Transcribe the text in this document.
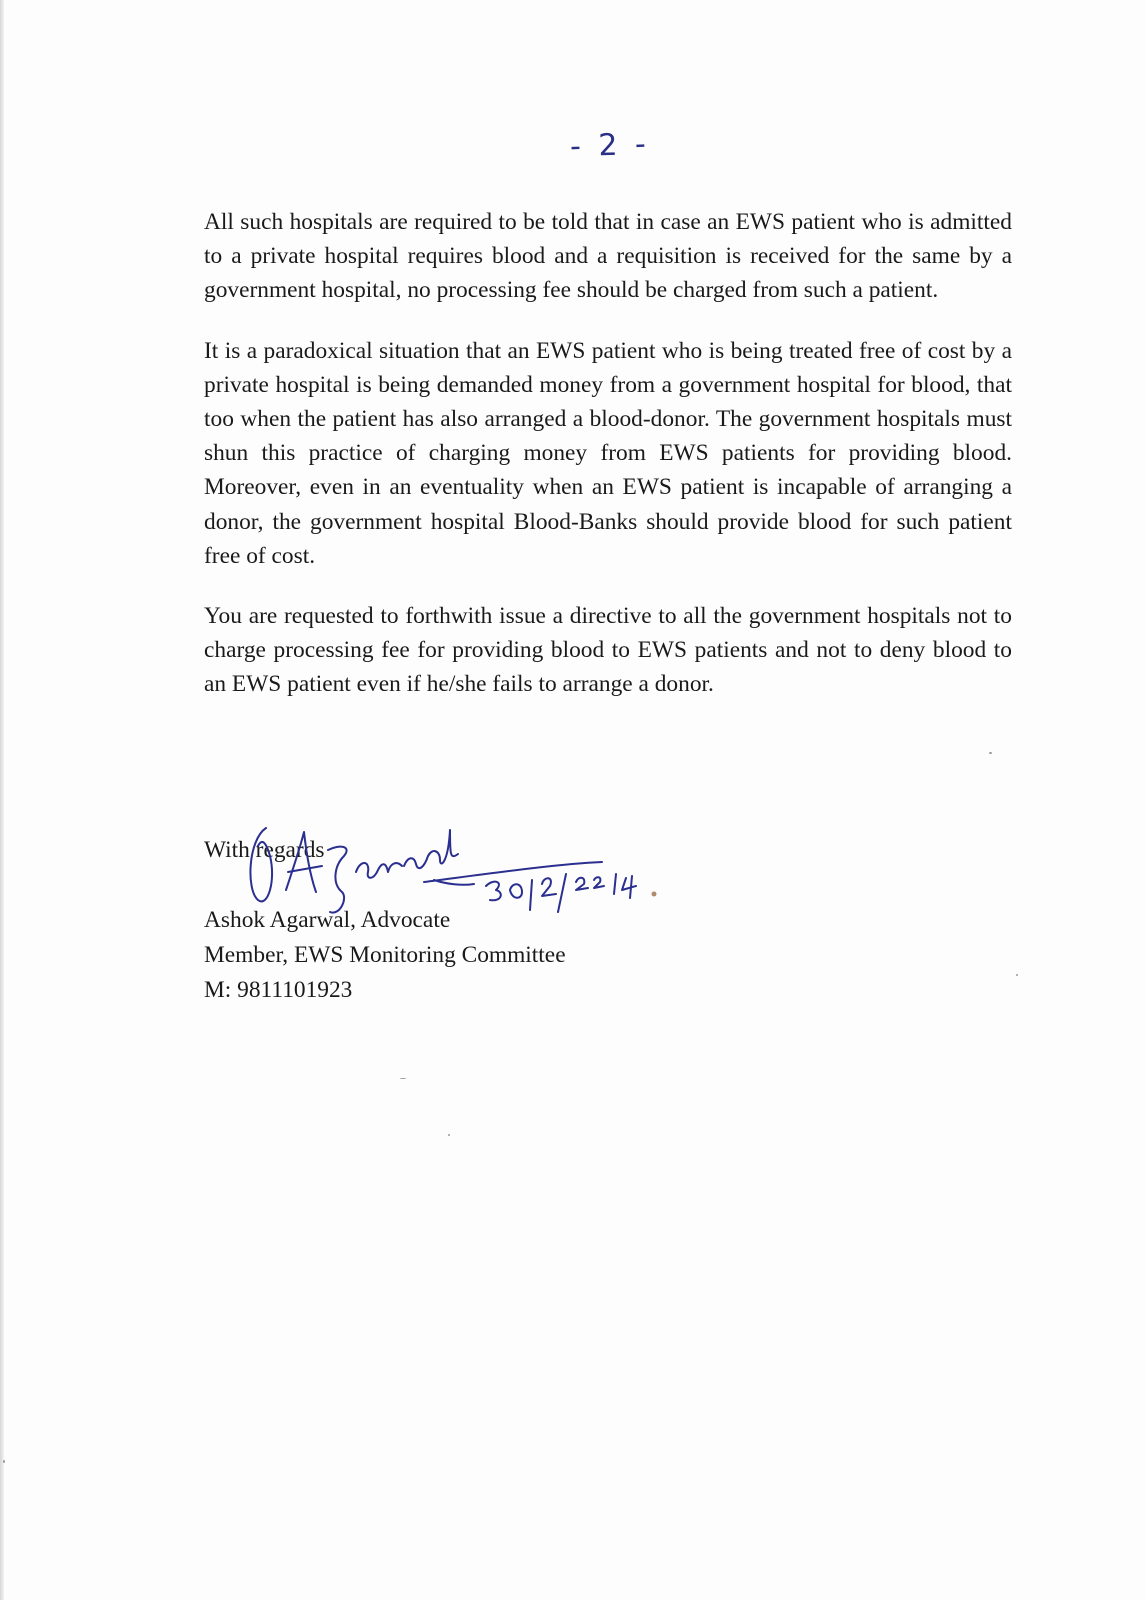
- 2 -

All such hospitals are required to be told that in case an EWS patient who is admitted to a private hospital requires blood and a requisition is received for the same by a government hospital, no processing fee should be charged from such a patient.

It is a paradoxical situation that an EWS patient who is being treated free of cost by a private hospital is being demanded money from a government hospital for blood, that too when the patient has also arranged a blood-donor. The government hospitals must shun this practice of charging money from EWS patients for providing blood. Moreover, even in an eventuality when an EWS patient is incapable of arranging a donor, the government hospital Blood-Banks should provide blood for such patient free of cost.

You are requested to forthwith issue a directive to all the government hospitals not to charge processing fee for providing blood to EWS patients and not to deny blood to an EWS patient even if he/she fails to arrange a donor.

With regards
Ashok Agarwal, Advocate
Member, EWS Monitoring Committee
M: 9811101923
30/12/2014
Agarwal
